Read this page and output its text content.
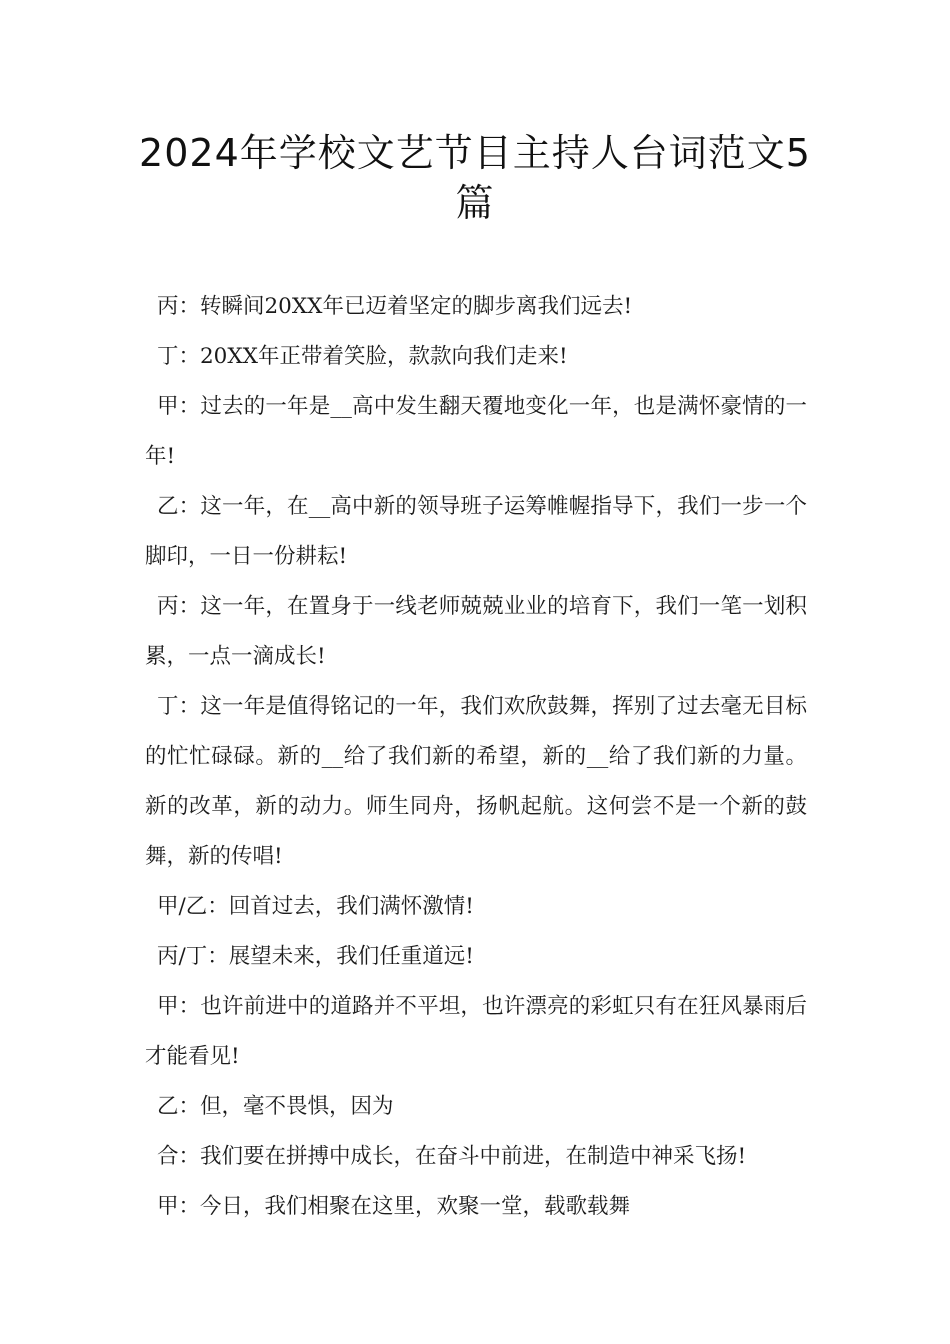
2024年学校文艺节目主持人台词范文5篇

丙：转瞬间20XX年已迈着坚定的脚步离我们远去!

丁：20XX年正带着笑脸，款款向我们走来!

甲：过去的一年是__高中发生翻天覆地变化一年，也是满怀豪情的一年!

乙：这一年，在__高中新的领导班子运筹帷幄指导下，我们一步一个脚印，一日一份耕耘!

丙：这一年，在置身于一线老师兢兢业业的培育下，我们一笔一划积累，一点一滴成长!

丁：这一年是值得铭记的一年，我们欢欣鼓舞，挥别了过去毫无目标的忙忙碌碌。新的__给了我们新的希望，新的__给了我们新的力量。新的改革，新的动力。师生同舟，扬帆起航。这何尝不是一个新的鼓舞，新的传唱!

甲/乙：回首过去，我们满怀激情!

丙/丁：展望未来，我们任重道远!

甲：也许前进中的道路并不平坦，也许漂亮的彩虹只有在狂风暴雨后才能看见!

乙：但，毫不畏惧，因为

合：我们要在拼搏中成长，在奋斗中前进，在制造中神采飞扬!

甲：今日，我们相聚在这里，欢聚一堂，载歌载舞
